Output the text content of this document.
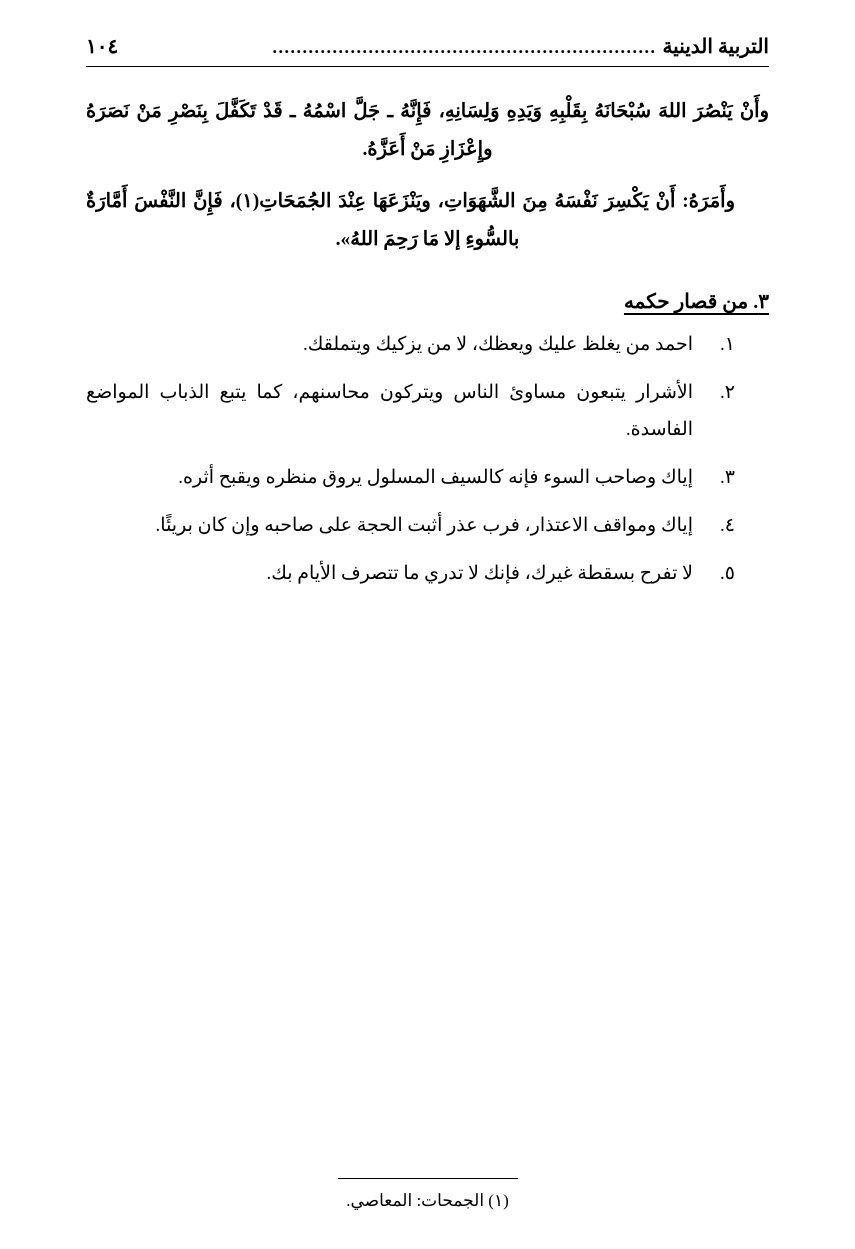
التربية الدينية
................................................................
١٠٤

وأَنْ يَنْصُرَ اللهَ سُبْحَانَهُ بِقَلْبِهِ وَيَدِهِ وَلِسَانِهِ، فَإِنَّهُ ـ جَلَّ اسْمُهُ ـ قَدْ تَكَفَّلَ بِنَصْرِ مَنْ نَصَرَهُ وإِعْزَازِ مَنْ أَعَزَّهُ.

وأَمَرَهُ: أَنْ يَكْسِرَ نَفْسَهُ مِنَ الشَّهَوَاتِ، ويَنْزَعَهَا عِنْدَ الجُمَحَاتِ(١)، فَإِنَّ النَّفْسَ أَمَّارَةٌ بالسُّوءِ إلا مَا رَحِمَ اللهُ».

٣. من قصار حكمه
١.
احمد من يغلظ عليك ويعظك، لا من يزكيك ويتملقك.
٢.
الأشرار يتبعون مساوئ الناس ويتركون محاسنهم، كما يتبع الذباب المواضع الفاسدة.
٣.
إياك وصاحب السوء فإنه كالسيف المسلول يروق منظره ويقبح أثره.
٤.
إياك ومواقف الاعتذار، فرب عذر أثبت الحجة على صاحبه وإن كان بريئًا.
٥.
لا تفرح بسقطة غيرك، فإنك لا تدري ما تتصرف الأيام بك.
(١) الجمحات: المعاصي.
